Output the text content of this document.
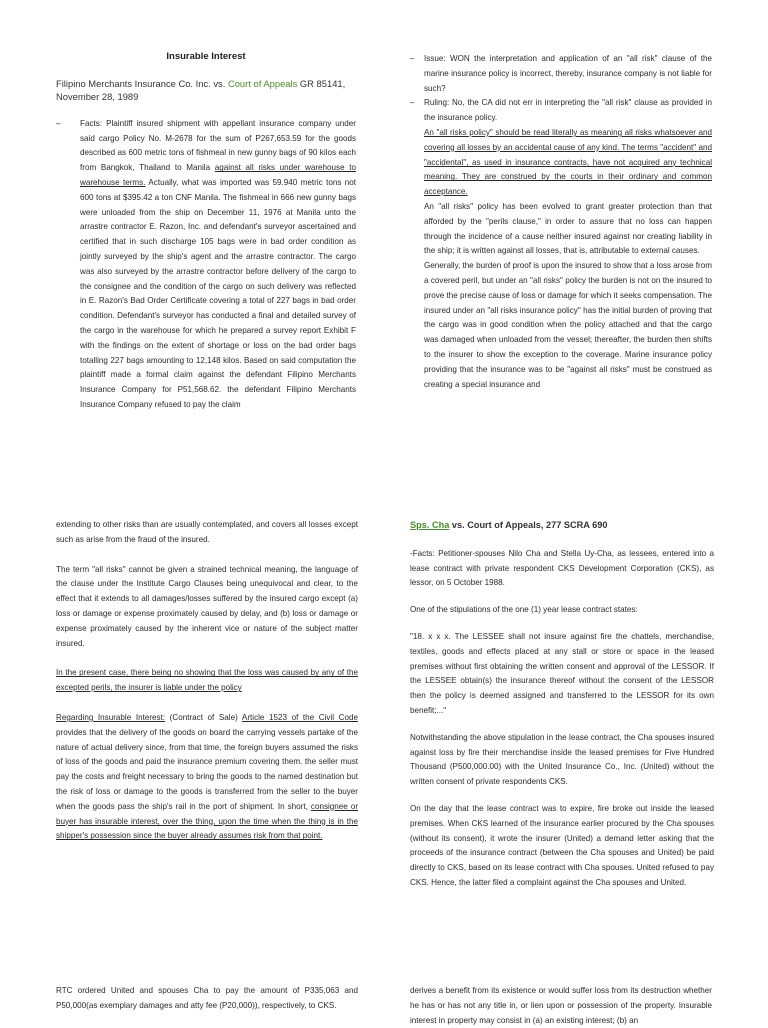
Insurable Interest
Filipino Merchants Insurance Co. Inc. vs. Court of Appeals GR 85141, November 28, 1989
– Facts: Plaintiff insured shipment with appellant insurance company under said cargo Policy No. M-2678 for the sum of P267,653.59 for the goods described as 600 metric tons of fishmeal in new gunny bags of 90 kilos each from Bangkok, Thailand to Manila against all risks under warehouse to warehouse terms. Actually, what was imported was 59.940 metric tons not 600 tons at $395.42 a ton CNF Manila. The fishmeal in 666 new gunny bags were unloaded from the ship on December 11, 1976 at Manila unto the arrastre contractor E. Razon, Inc. and defendant's surveyor ascertained and certified that in such discharge 105 bags were in bad order condition as jointly surveyed by the ship's agent and the arrastre contractor. The cargo was also surveyed by the arrastre contractor before delivery of the cargo to the consignee and the condition of the cargo on such delivery was reflected in E. Razon's Bad Order Certificate covering a total of 227 bags in bad order condition. Defendant's surveyor has conducted a final and detailed survey of the cargo in the warehouse for which he prepared a survey report Exhibit F with the findings on the extent of shortage or loss on the bad order bags totalling 227 bags amounting to 12,148 kilos. Based on said computation the plaintiff made a formal claim against the defendant Filipino Merchants Insurance Company for P51,568.62. the defendant Filipino Merchants Insurance Company refused to pay the claim
– Issue: WON the interpretation and application of an "all risk" clause of the marine insurance policy is incorrect, thereby, insurance company is not liable for such?
– Ruling: No, the CA did not err in interpreting the "all risk" clause as provided in the insurance policy.

An "all risks policy" should be read literally as meaning all risks whatsoever and covering all losses by an accidental cause of any kind. The terms "accident" and "accidental", as used in insurance contracts, have not acquired any technical meaning. They are construed by the courts in their ordinary and common acceptance.

An "all risks" policy has been evolved to grant greater protection than that afforded by the "perils clause," in order to assure that no loss can happen through the incidence of a cause neither insured against nor creating liability in the ship; it is written against all losses, that is, attributable to external causes.

Generally, the burden of proof is upon the insured to show that a loss arose from a covered peril, but under an "all risks" policy the burden is not on the insured to prove the precise cause of loss or damage for which it seeks compensation. The insured under an "all risks insurance policy" has the initial burden of proving that the cargo was in good condition when the policy attached and that the cargo was damaged when unloaded from the vessel; thereafter, the burden then shifts to the insurer to show the exception to the coverage. Marine insurance policy providing that the insurance was to be "against all risks" must be construed as creating a special insurance and

extending to other risks than are usually contemplated, and covers all losses except such as arise from the fraud of the insured.

The term "all risks" cannot be given a strained technical meaning, the language of the clause under the Institute Cargo Clauses being unequivocal and clear, to the effect that it extends to all damages/losses suffered by the insured cargo except (a) loss or damage or expense proximately caused by delay, and (b) loss or damage or expense proximately caused by the inherent vice or nature of the subject matter insured.

In the present case, there being no showing that the loss was caused by any of the excepted perils, the insurer is liable under the policy

Regarding Insurable Interest: (Contract of Sale) Article 1523 of the Civil Code provides that the delivery of the goods on board the carrying vessels partake of the nature of actual delivery since, from that time, the foreign buyers assumed the risks of loss of the goods and paid the insurance premium covering them. the seller must pay the costs and freight necessary to bring the goods to the named destination but the risk of loss or damage to the goods is transferred from the seller to the buyer when the goods pass the ship's rail in the port of shipment. In short, consignee or buyer has insurable interest, over the thing, upon the time when the thing is in the shipper's possession since the buyer already assumes risk from that point.

Sps. Cha vs. Court of Appeals, 277 SCRA 690

-Facts: Petitioner-spouses Nilo Cha and Stella Uy-Cha, as lessees, entered into a lease contract with private respondent CKS Development Corporation (CKS), as lessor, on 5 October 1988.

One of the stipulations of the one (1) year lease contract states:

"18. x x x. The LESSEE shall not insure against fire the chattels, merchandise, textiles, goods and effects placed at any stall or store or space in the leased premises without first obtaining the written consent and approval of the LESSOR. If the LESSEE obtain(s) the insurance thereof without the consent of the LESSOR then the policy is deemed assigned and transferred to the LESSOR for its own benefit;..."

Notwithstanding the above stipulation in the lease contract, the Cha spouses insured against loss by fire their merchandise inside the leased premises for Five Hundred Thousand (P500,000.00) with the United Insurance Co., Inc. (United) without the written consent of private respondents CKS.

On the day that the lease contract was to expire, fire broke out inside the leased premises. When CKS learned of the insurance earlier procured by the Cha spouses (without its consent), it wrote the insurer (United) a demand letter asking that the proceeds of the insurance contract (between the Cha spouses and United) be paid directly to CKS, based on its lease contract with Cha spouses. United refused to pay CKS. Hence, the latter filed a complaint against the Cha spouses and United.

RTC ordered United and spouses Cha to pay the amount of P335,063 and P50,000(as exemplary damages and atty fee (P20,000)), respectively, to CKS.

derives a benefit from its existence or would suffer loss from its destruction whether he has or has not any title in, or lien upon or possession of the property. Insurable interest in property may consist in (a) an existing interest; (b) an
